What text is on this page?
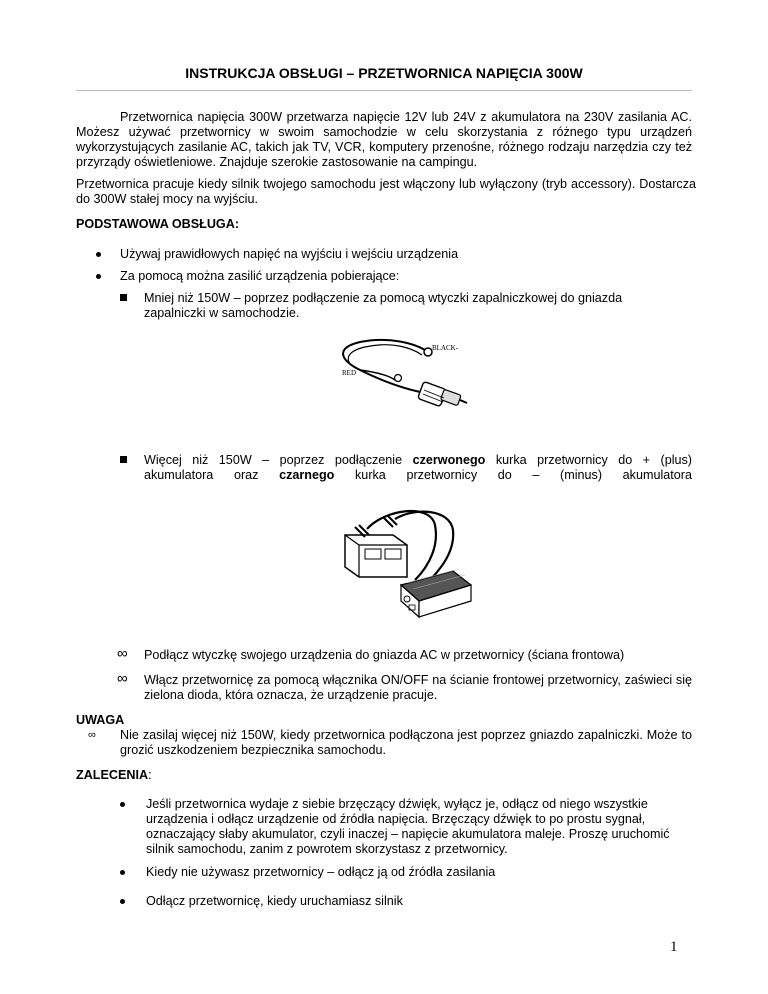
INSTRUKCJA OBSŁUGI – PRZETWORNICA NAPIĘCIA 300W
Przetwornica napięcia 300W przetwarza napięcie 12V lub 24V z akumulatora na 230V zasilania AC. Możesz używać przetwornicy w swoim samochodzie w celu skorzystania z różnego typu urządzeń wykorzystujących zasilanie AC, takich jak TV, VCR, komputery przenośne, różnego rodzaju narzędzia czy też przyrządy oświetleniowe. Znajduje szerokie zastosowanie na campingu.
Przetwornica pracuje kiedy silnik twojego samochodu jest włączony lub wyłączony (tryb accessory). Dostarcza do 300W stałej mocy na wyjściu.
PODSTAWOWA OBSŁUGA:
Używaj prawidłowych napięć na wyjściu i wejściu urządzenia
Za pomocą można zasilić urządzenia pobierające:
Mniej niż 150W – poprzez podłączenie za pomocą wtyczki zapalniczkowej do gniazda zapalniczki w samochodzie.
BLACK-
RED
Więcej niż 150W – poprzez podłączenie czerwonego kurka przetwornicy do + (plus)
akumulatora oraz czarnego kurka przetwornicy do – (minus) akumulatora
∞ Podłącz wtyczkę swojego urządzenia do gniazda AC w przetwornicy (ściana frontowa)
∞ Włącz przetwornicę za pomocą włącznika ON/OFF na ścianie frontowej przetwornicy, zaświeci się zielona dioda, która oznacza, że urządzenie pracuje.
UWAGA
∞ Nie zasilaj więcej niż 150W, kiedy przetwornica podłączona jest poprzez gniazdo zapalniczki. Może to grozić uszkodzeniem bezpiecznika samochodu.
ZALECENIA:
Jeśli przetwornica wydaje z siebie brzęczący dźwięk, wyłącz je, odłącz od niego wszystkie urządzenia i odłącz urządzenie od źródła napięcia. Brzęczący dźwięk to po prostu sygnał, oznaczający słaby akumulator, czyli inaczej – napięcie akumulatora maleje. Proszę uruchomić silnik samochodu, zanim z powrotem skorzystasz z przetwornicy.
Kiedy nie używasz przetwornicy – odłącz ją od źródła zasilania
Odłącz przetwornicę, kiedy uruchamiasz silnik
1
